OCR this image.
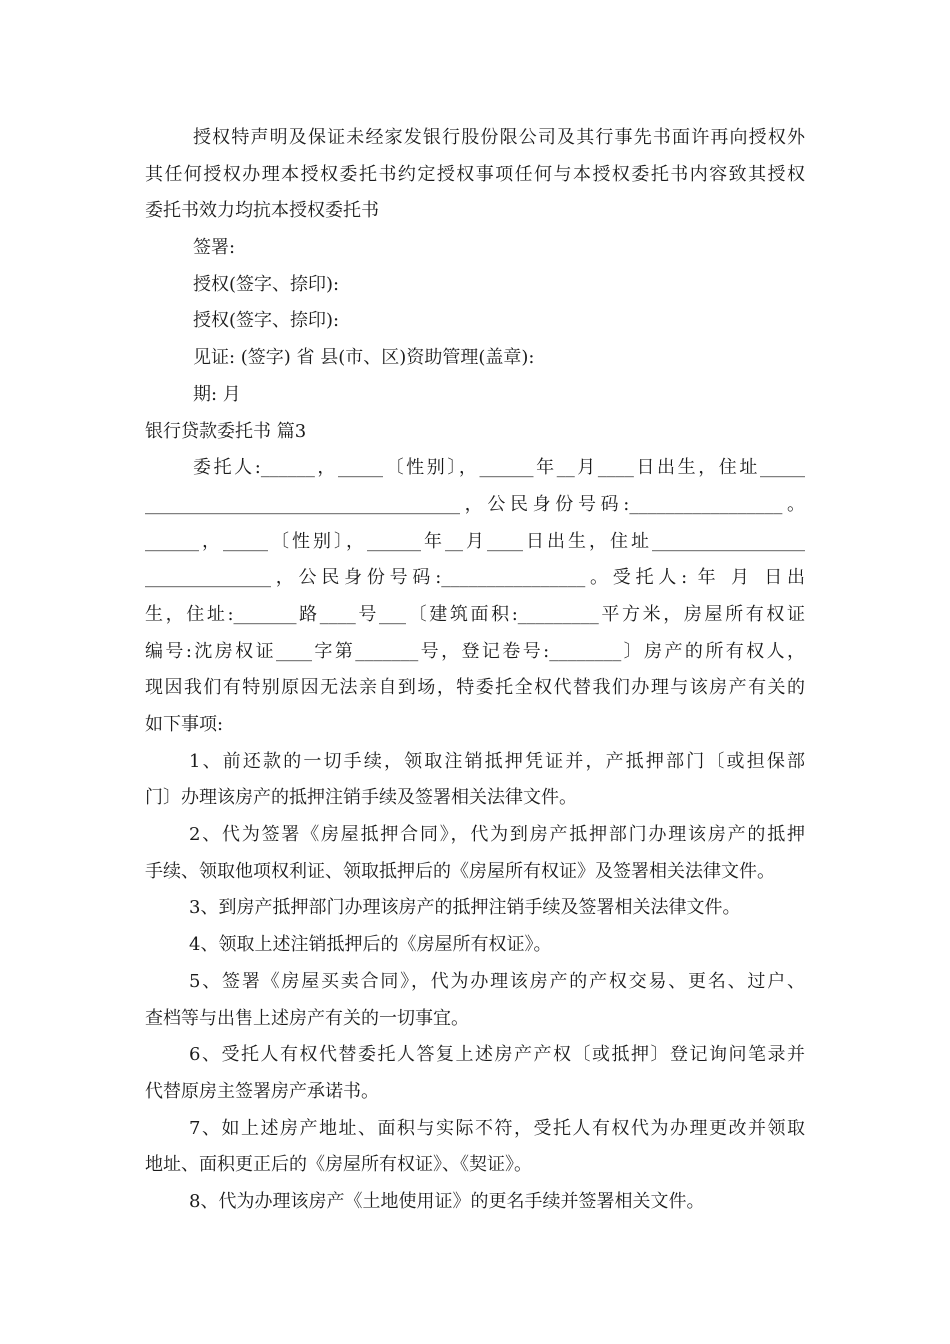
授权特声明及保证未经家发银行股份限公司及其行事先书面许再向授权外
其任何授权办理本授权委托书约定授权事项任何与本授权委托书内容致其授权
委托书效力均抗本授权委托书
签署:
授权(签字、捺印):
授权(签字、捺印):
见证: (签字) 省 县(市、区)资助管理(盖章):
期: 月
银行贷款委托书 篇3
委托人:______，_____〔性别〕，______年__月____日出生，住址_____
___________________________________，公民身份号码:_________________。
______，_____〔性别〕，______年__月____日出生，住址_________________
______________，公民身份号码:________________。受托人: 年 月 日出
生，住址:_______路____号___〔建筑面积:_________平方米，房屋所有权证
编号:沈房权证____字第_______号，登记卷号:________〕房产的所有权人，
现因我们有特别原因无法亲自到场，特委托全权代替我们办理与该房产有关的
如下事项:
1、前还款的一切手续，领取注销抵押凭证并，产抵押部门〔或担保部
门〕办理该房产的抵押注销手续及签署相关法律文件。
2、代为签署《房屋抵押合同》，代为到房产抵押部门办理该房产的抵押
手续、领取他项权利证、领取抵押后的《房屋所有权证》及签署相关法律文件。
3、到房产抵押部门办理该房产的抵押注销手续及签署相关法律文件。
4、领取上述注销抵押后的《房屋所有权证》。
5、签署《房屋买卖合同》，代为办理该房产的产权交易、更名、过户、
查档等与出售上述房产有关的一切事宜。
6、受托人有权代替委托人答复上述房产产权〔或抵押〕登记询问笔录并
代替原房主签署房产承诺书。
7、如上述房产地址、面积与实际不符，受托人有权代为办理更改并领取
地址、面积更正后的《房屋所有权证》、《契证》。
8、代为办理该房产《土地使用证》的更名手续并签署相关文件。
